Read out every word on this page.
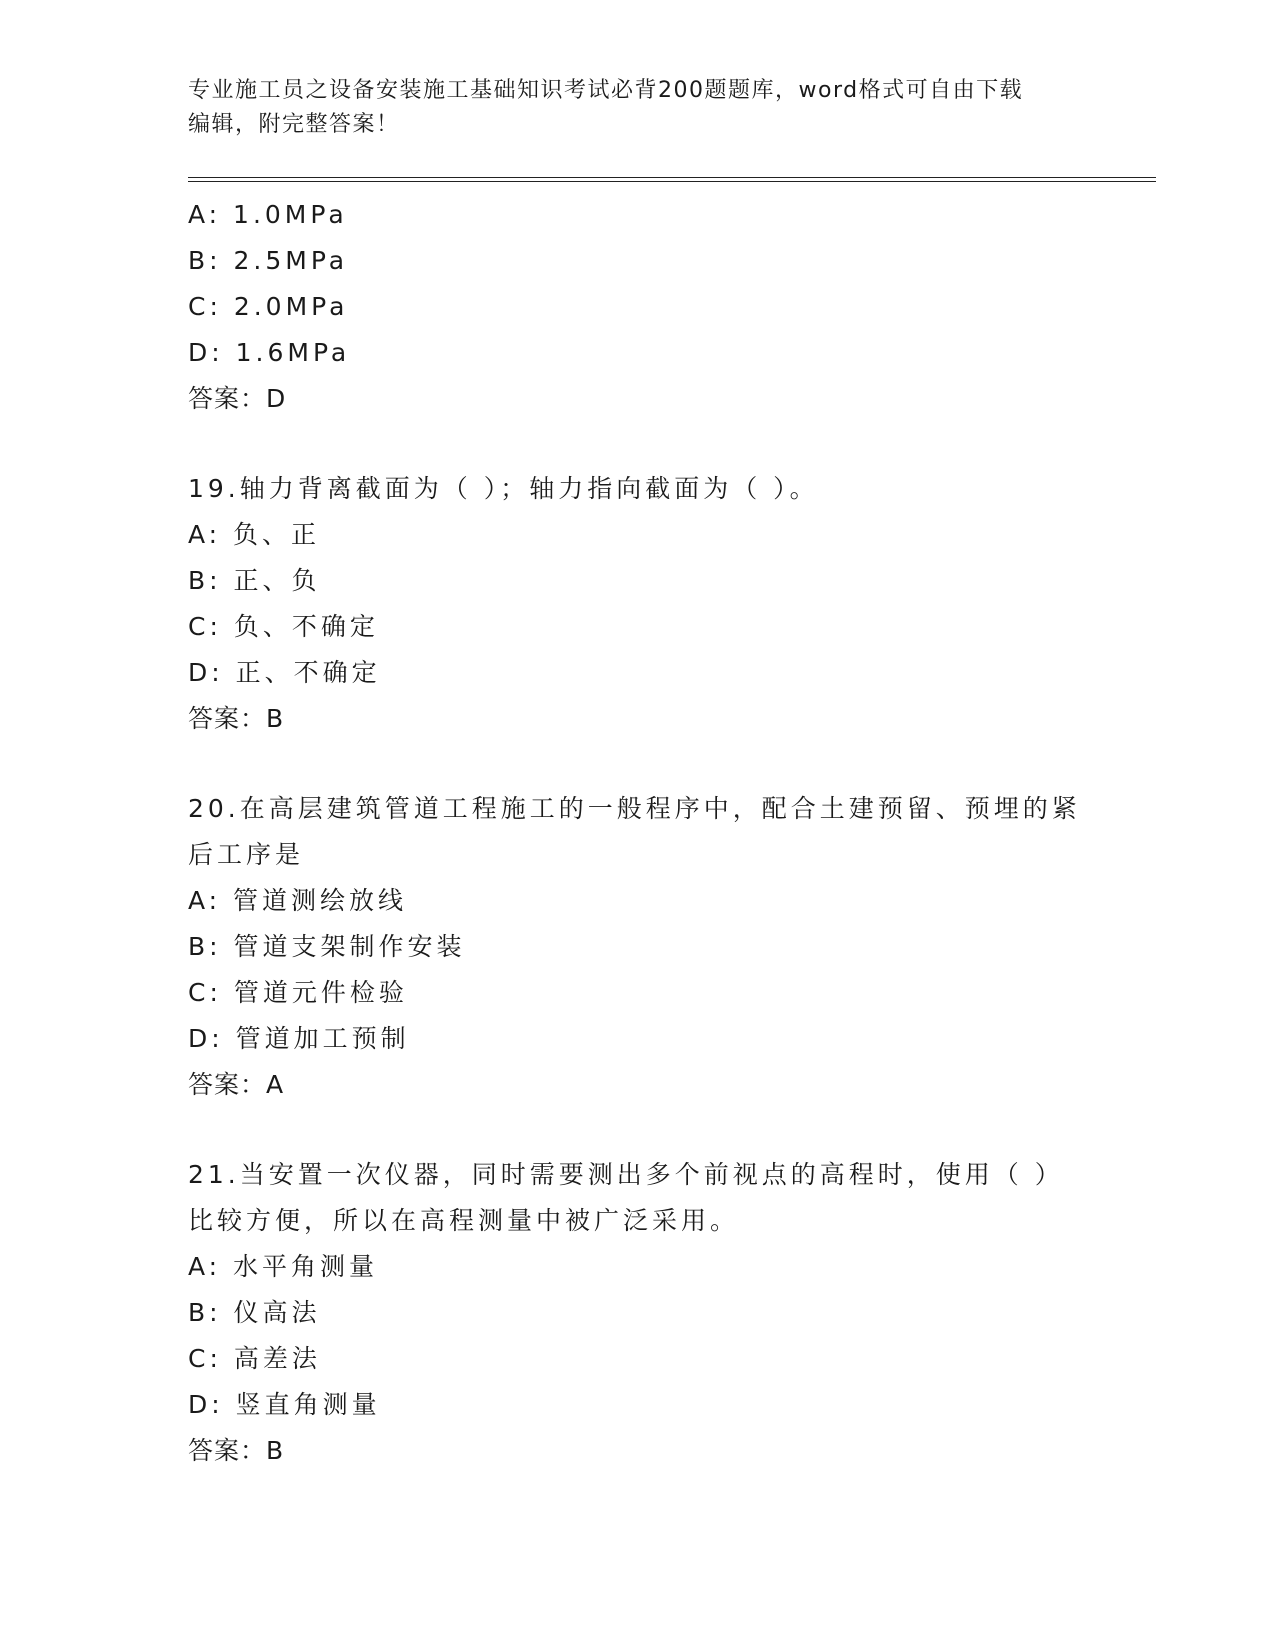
专业施工员之设备安装施工基础知识考试必背200题题库，word格式可自由下载
编辑，附完整答案！
A: 1.0MPa
B: 2.5MPa
C: 2.0MPa
D: 1.6MPa
答案：D
19.轴力背离截面为（ ）；轴力指向截面为（ ）。
A: 负、正
B: 正、负
C: 负、不确定
D: 正、不确定
答案：B
20.在高层建筑管道工程施工的一般程序中，配合土建预留、预埋的紧
后工序是
A: 管道测绘放线
B: 管道支架制作安装
C: 管道元件检验
D: 管道加工预制
答案：A
21.当安置一次仪器，同时需要测出多个前视点的高程时，使用（ ）
比较方便，所以在高程测量中被广泛采用。
A: 水平角测量
B: 仪高法
C: 高差法
D: 竖直角测量
答案：B
